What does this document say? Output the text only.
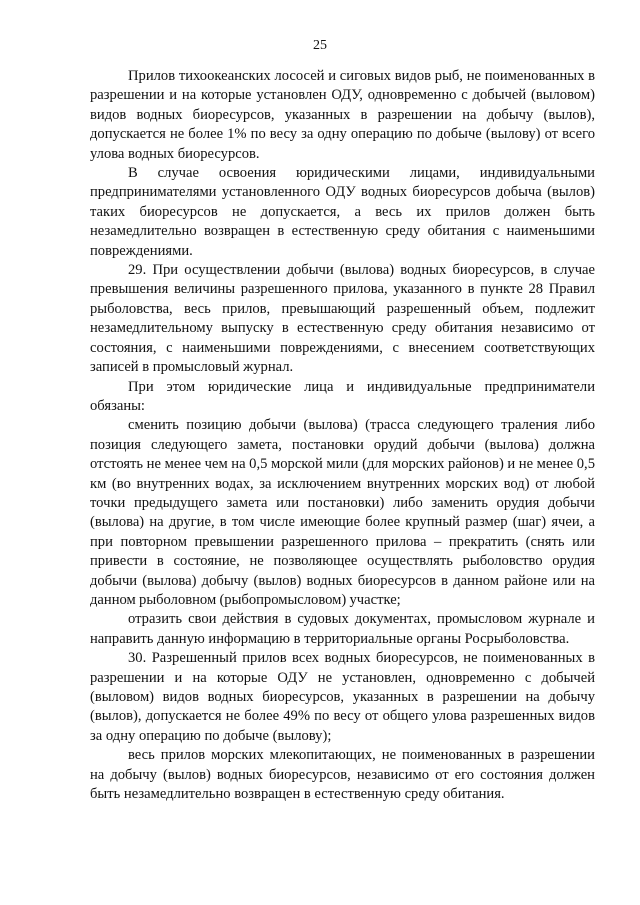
25

Прилов тихоокеанских лососей и сиговых видов рыб, не поименованных в разрешении и на которые установлен ОДУ, одновременно с добычей (выловом) видов водных биоресурсов, указанных в разрешении на добычу (вылов), допускается не более 1% по весу за одну операцию по добыче (вылову) от всего улова водных биоресурсов.

В случае освоения юридическими лицами, индивидуальными предпринимателями установленного ОДУ водных биоресурсов добыча (вылов) таких биоресурсов не допускается, а весь их прилов должен быть незамедлительно возвращен в естественную среду обитания с наименьшими повреждениями.

29. При осуществлении добычи (вылова) водных биоресурсов, в случае превышения величины разрешенного прилова, указанного в пункте 28 Правил рыболовства, весь прилов, превышающий разрешенный объем, подлежит незамедлительному выпуску в естественную среду обитания независимо от состояния, с наименьшими повреждениями, с внесением соответствующих записей в промысловый журнал.

При этом юридические лица и индивидуальные предприниматели обязаны:

сменить позицию добычи (вылова) (трасса следующего траления либо позиция следующего замета, постановки орудий добычи (вылова) должна отстоять не менее чем на 0,5 морской мили (для морских районов) и не менее 0,5 км (во внутренних водах, за исключением внутренних морских вод) от любой точки предыдущего замета или постановки) либо заменить орудия добычи (вылова) на другие, в том числе имеющие более крупный размер (шаг) ячеи, а при повторном превышении разрешенного прилова – прекратить (снять или привести в состояние, не позволяющее осуществлять рыболовство орудия добычи (вылова) добычу (вылов) водных биоресурсов в данном районе или на данном рыболовном (рыбопромысловом) участке;

отразить свои действия в судовых документах, промысловом журнале и направить данную информацию в территориальные органы Росрыболовства.

30. Разрешенный прилов всех водных биоресурсов, не поименованных в разрешении и на которые ОДУ не установлен, одновременно с добычей (выловом) видов водных биоресурсов, указанных в разрешении на добычу (вылов), допускается не более 49% по весу от общего улова разрешенных видов за одну операцию по добыче (вылову);

весь прилов морских млекопитающих, не поименованных в разрешении на добычу (вылов) водных биоресурсов, независимо от его состояния должен быть незамедлительно возвращен в естественную среду обитания.
